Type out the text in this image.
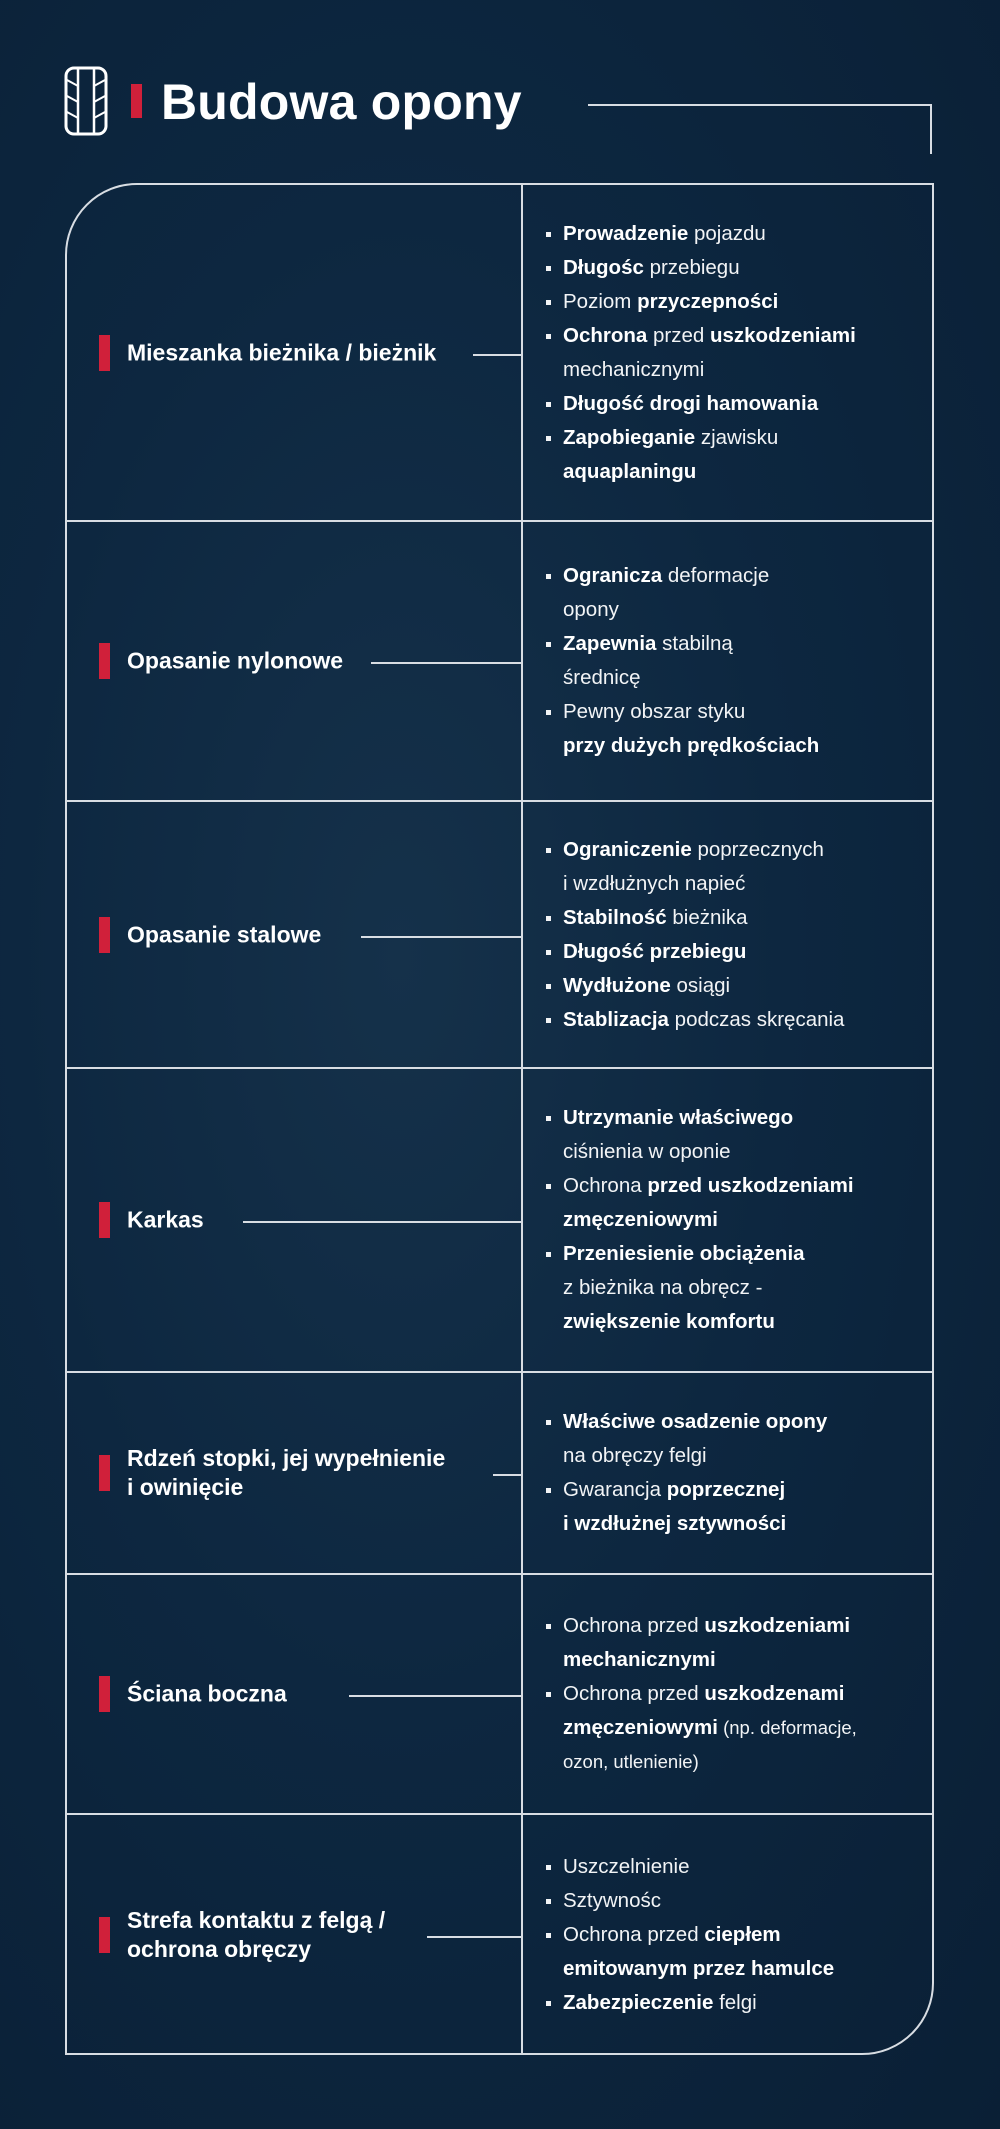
Budowa opony
Mieszanka bieżnika / bieżnik
Prowadzenie pojazdu
Długośc przebiegu
Poziom przyczepności
Ochrona przed uszkodzeniami
mechanicznymi
Długość drogi hamowania
Zapobieganie zjawisku
aquaplaningu
Opasanie nylonowe
Ogranicza deformacje
opony
Zapewnia stabilną
średnicę
Pewny obszar styku
przy dużych prędkościach
Opasanie stalowe
Ograniczenie poprzecznych
i wzdłużnych napieć
Stabilność bieżnika
Długość przebiegu
Wydłużone osiągi
Stablizacja podczas skręcania
Karkas
Utrzymanie właściwego
ciśnienia w oponie
Ochrona przed uszkodzeniami
zmęczeniowymi
Przeniesienie obciążenia
z bieżnika na obręcz -
zwiększenie komfortu
Rdzeń stopki, jej wypełnienie
i owinięcie
Właściwe osadzenie opony
na obręczy felgi
Gwarancja poprzecznej
i wzdłużnej sztywności
Ściana boczna
Ochrona przed uszkodzeniami
mechanicznymi
Ochrona przed uszkodzenami
zmęczeniowymi (np. deformacje,
ozon, utlenienie)
Strefa kontaktu z felgą /
ochrona obręczy
Uszczelnienie
Sztywnośc
Ochrona przed ciepłem
emitowanym przez hamulce
Zabezpieczenie felgi
